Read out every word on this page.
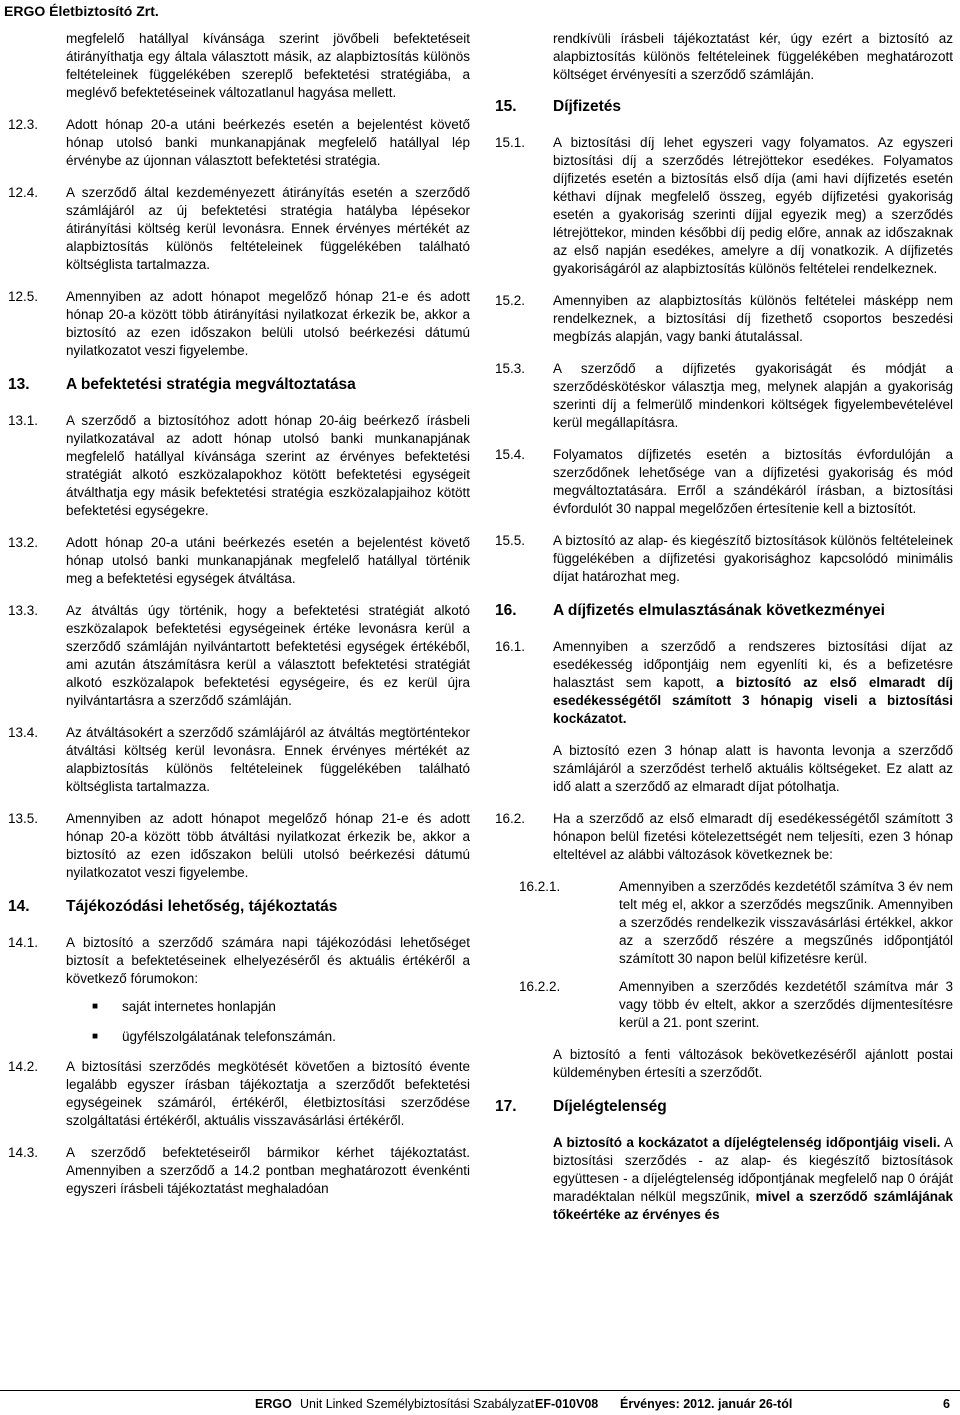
ERGO Életbiztosító Zrt.
megfelelő hatállyal kívánsága szerint jövőbeli befektetéseit átirányíthatja egy általa választott másik, az alapbiztosítás különös feltételeinek függelékében szereplő befektetési stratégiába, a meglévő befektetéseinek változatlanul hagyása mellett.
12.3.	Adott hónap 20-a utáni beérkezés esetén a bejelentést követő hónap utolsó banki munkanapjának megfelelő hatállyal lép érvénybe az újonnan választott befektetési stratégia.
12.4.	A szerződő által kezdeményezett átirányítás esetén a szerződő számlájáról az új befektetési stratégia hatályba lépésekor átirányítási költség kerül levonásra. Ennek érvényes mértékét az alapbiztosítás különös feltételeinek függelékében található költséglista tartalmazza.
12.5.	Amennyiben az adott hónapot megelőző hónap 21-e és adott hónap 20-a között több átirányítási nyilatkozat érkezik be, akkor a biztosító az ezen időszakon belüli utolsó beérkezési dátumú nyilatkozatot veszi figyelembe.
13.	A befektetési stratégia megváltoztatása
13.1.	A szerződő a biztosítóhoz adott hónap 20-áig beérkező írásbeli nyilatkozatával az adott hónap utolsó banki munkanapjának megfelelő hatállyal kívánsága szerint az érvényes befektetési stratégiát alkotó eszközalapokhoz kötött befektetési egységeit átválthatja egy másik befektetési stratégia eszközalapjaihoz kötött befektetési egységekre.
13.2.	Adott hónap 20-a utáni beérkezés esetén a bejelentést követő hónap utolsó banki munkanapjának megfelelő hatállyal történik meg a befektetési egységek átváltása.
13.3.	Az átváltás úgy történik, hogy a befektetési stratégiát alkotó eszközalapok befektetési egységeinek értéke levonásra kerül a szerződő számláján nyilvántartott befektetési egységek értékéből, ami azután átszámításra kerül a választott befektetési stratégiát alkotó eszközalapok befektetési egységeire, és ez kerül újra nyilvántartásra a szerződő számláján.
13.4.	Az átváltásokért a szerződő számlájáról az átváltás megtörténtekor átváltási költség kerül levonásra. Ennek érvényes mértékét az alapbiztosítás különös feltételeinek függelékében található költséglista tartalmazza.
13.5.	Amennyiben az adott hónapot megelőző hónap 21-e és adott hónap 20-a között több átváltási nyilatkozat érkezik be, akkor a biztosító az ezen időszakon belüli utolsó beérkezési dátumú nyilatkozatot veszi figyelembe.
14.	Tájékozódási lehetőség, tájékoztatás
14.1.	A biztosító a szerződő számára napi tájékozódási lehetőséget biztosít a befektetéseinek elhelyezéséről és aktuális értékéről a következő fórumokon:
■	saját internetes honlapján
■	ügyfélszolgálatának telefonszámán.
14.2.	A biztosítási szerződés megkötését követően a biztosító évente legalább egyszer írásban tájékoztatja a szerződőt befektetési egységeinek számáról, értékéről, életbiztosítási szerződése szolgáltatási értékéről, aktuális visszavásárlási értékéről.
14.3.	A szerződő befektetéseiről bármikor kérhet tájékoztatást. Amennyiben a szerződő a 14.2 pontban meghatározott évenkénti egyszeri írásbeli tájékoztatást meghaladóan
rendkívüli írásbeli tájékoztatást kér, úgy ezért a biztosító az alapbiztosítás különös feltételeinek függelékében meghatározott költséget érvényesíti a szerződő számláján.
15.	Díjfizetés
15.1.	A biztosítási díj lehet egyszeri vagy folyamatos. Az egyszeri biztosítási díj a szerződés létrejöttekor esedékes. Folyamatos díjfizetés esetén a biztosítás első díja (ami havi díjfizetés esetén kéthavi díjnak megfelelő összeg, egyéb díjfizetési gyakoriság esetén a gyakoriság szerinti díjjal egyezik meg) a szerződés létrejöttekor, minden későbbi díj pedig előre, annak az időszaknak az első napján esedékes, amelyre a díj vonatkozik. A díjfizetés gyakoriságáról az alapbiztosítás különös feltételei rendelkeznek.
15.2.	Amennyiben az alapbiztosítás különös feltételei másképp nem rendelkeznek, a biztosítási díj fizethető csoportos beszedési megbízás alapján, vagy banki átutalással.
15.3.	A szerződő a díjfizetés gyakoriságát és módját a szerződéskötéskor választja meg, melynek alapján a gyakoriság szerinti díj a felmerülő mindenkori költségek figyelembevételével kerül megállapításra.
15.4.	Folyamatos díjfizetés esetén a biztosítás évfordulóján a szerződőnek lehetősége van a díjfizetési gyakoriság és mód megváltoztatására. Erről a szándékáról írásban, a biztosítási évfordulót 30 nappal megelőzően értesítenie kell a biztosítót.
15.5.	A biztosító az alap- és kiegészítő biztosítások különös feltételeinek függelékében a díjfizetési gyakorisághoz kapcsolódó minimális díjat határozhat meg.
16.	A díjfizetés elmulasztásának következményei
16.1.	Amennyiben a szerződő a rendszeres biztosítási díjat az esedékesség időpontjáig nem egyenlíti ki, és a befizetésre halasztást sem kapott, a biztosító az első elmaradt díj esedékességétől számított 3 hónapig viseli a biztosítási kockázatot.
A biztosító ezen 3 hónap alatt is havonta levonja a szerződő számlájáról a szerződést terhelő aktuális költségeket. Ez alatt az idő alatt a szerződő az elmaradt díjat pótolhatja.
16.2.	Ha a szerződő az első elmaradt díj esedékességétől számított 3 hónapon belül fizetési kötelezettségét nem teljesíti, ezen 3 hónap elteltével az alábbi változások következnek be:
16.2.1.	Amennyiben a szerződés kezdetétől számítva 3 év nem telt még el, akkor a szerződés megszűnik. Amennyiben a szerződés rendelkezik visszavásárlási értékkel, akkor az a szerződő részére a megszűnés időpontjától számított 30 napon belül kifizetésre kerül.
16.2.2.	Amennyiben a szerződés kezdetétől számítva már 3 vagy több év eltelt, akkor a szerződés díjmentesítésre kerül a 21. pont szerint.
A biztosító a fenti változások bekövetkezéséről ajánlott postai küldeményben értesíti a szerződőt.
17.	Díjelégtelenség
A biztosító a kockázatot a díjelégtelenség időpontjáig viseli. A biztosítási szerződés - az alap- és kiegészítő biztosítások együttesen - a díjelégtelenség időpontjának megfelelő nap 0 óráját maradéktalan nélkül megszűnik, mivel a szerződő számlájának tőkeértéke az érvényes és
ERGO Unit Linked Személybiztosítási Szabályzat EF-010V08 Érvényes: 2012. január 26-tól	6
